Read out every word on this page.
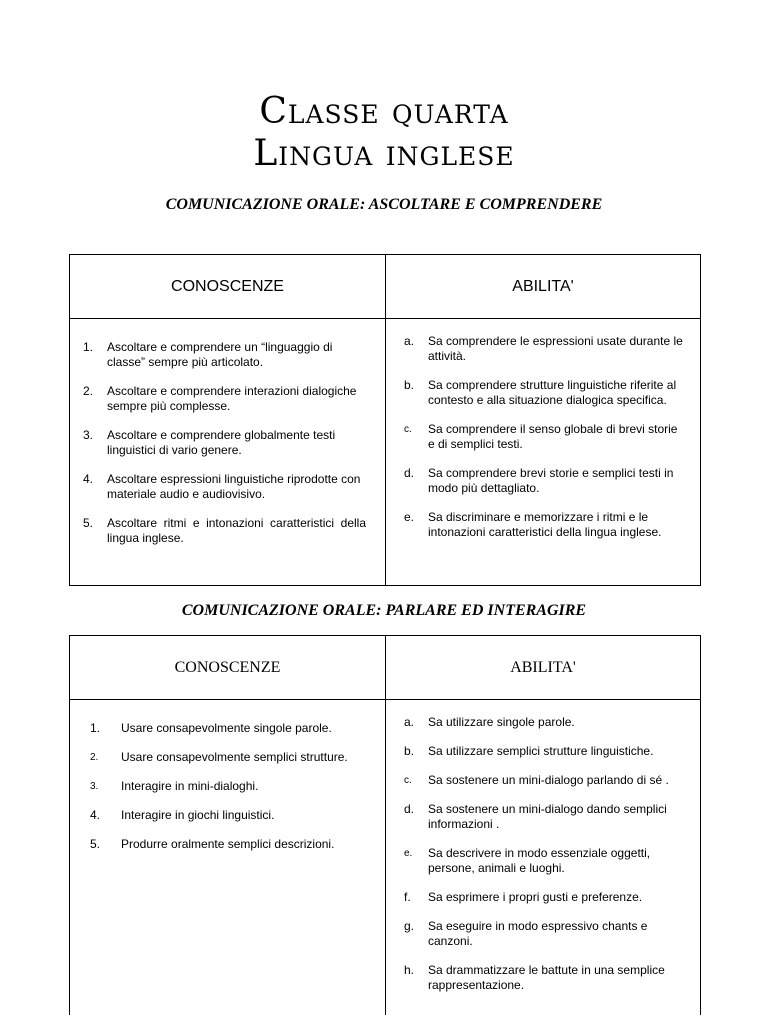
Classe quarta
Lingua inglese
COMUNICAZIONE ORALE: ASCOLTARE E COMPRENDERE
CONOSCENZE	ABILITA'
1. Ascoltare e comprendere un “linguaggio di classe” sempre più articolato.
2. Ascoltare e comprendere interazioni dialogiche sempre più complesse.
3. Ascoltare e comprendere globalmente testi linguistici di vario genere.
4. Ascoltare espressioni linguistiche riprodotte con materiale audio e audiovisivo.
5. Ascoltare ritmi e intonazioni caratteristici della lingua inglese.
a. Sa comprendere le espressioni usate durante le attività.
b. Sa comprendere strutture linguistiche riferite al contesto e alla situazione dialogica specifica.
c. Sa comprendere il senso globale di brevi storie e di semplici testi.
d. Sa comprendere brevi storie e semplici testi in modo più dettagliato.
e. Sa discriminare e memorizzare i ritmi e le intonazioni caratteristici della lingua inglese.
COMUNICAZIONE ORALE: PARLARE ED INTERAGIRE
CONOSCENZE	ABILITA'
1. Usare consapevolmente singole parole.
2. Usare consapevolmente semplici strutture.
3. Interagire in mini-dialoghi.
4. Interagire in giochi linguistici.
5. Produrre oralmente semplici descrizioni.
a. Sa utilizzare singole parole.
b. Sa utilizzare semplici strutture linguistiche.
c. Sa sostenere un mini-dialogo parlando di sé .
d. Sa sostenere un mini-dialogo dando semplici informazioni .
e. Sa descrivere in modo essenziale oggetti, persone, animali e luoghi.
f. Sa esprimere i propri gusti e preferenze.
g. Sa eseguire in modo espressivo chants e canzoni.
h. Sa drammatizzare le battute in una semplice rappresentazione.
